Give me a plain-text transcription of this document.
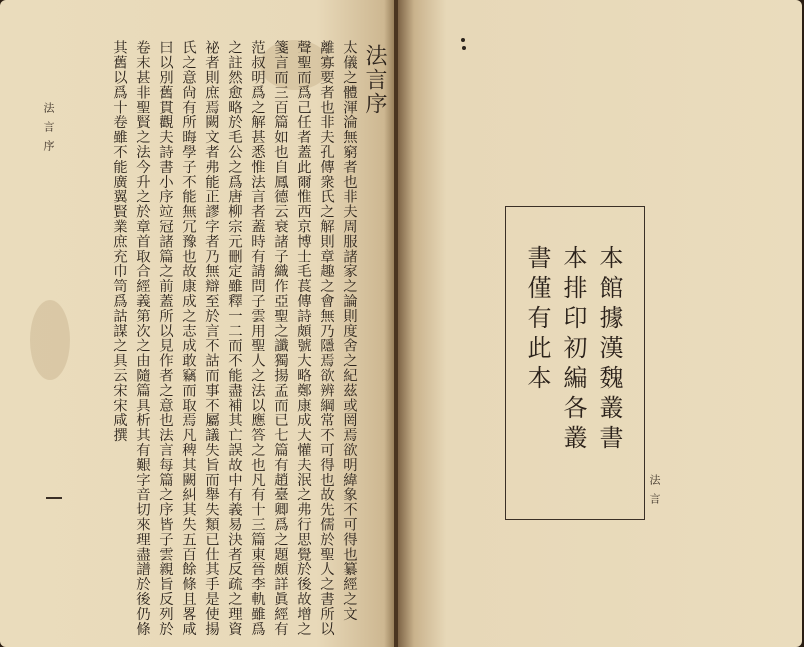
法言序
法言序
太儀之體渾淪無窮者也非夫周服諸家之論則度舍之紀茲或罔焉欲明緯象不可得也纂經之文
離寡要者也非夫孔傳衆氏之解則章趣之會無乃隱焉欲辨綱常不可得也故先儒於聖人之書所以
聲聖而爲己任者蓋此爾惟西京博士毛萇傳詩頗號大略鄭康成大懽夫泯之弗行思覺於後故增之
箋言而三百篇如也自鳳德云衰諸子織作亞聖之讖獨揚孟而已七篇有趙臺卿爲之題頗詳眞經有
范叔明爲之解甚悉惟法言者蓋時有請問子雲用聖人之法以應答之也凡有十三篇東晉李軌雖爲
之註然愈略於毛公之爲唐柳宗元刪定雖釋一二而不能盡補其亡誤故中有義易決者反疏之理資
祕者則庶焉闕文者弗能正謬字者乃無辯至於言不詁而事不屬議失旨而舉失類已仕其手是使揚
氏之意尙有所晦學子不能無冗豫也故康成之志成敢竊而取焉凡稗其闕糾其失五百餘條且畧咸
曰以別舊貫觀夫詩書小序竝冠諸篇之前蓋所以見作者之意也法言每篇之序皆子雲親旨反列於
卷末甚非聖賢之法今升之於章首取合經義第次之由隨篇具析其有艱字音切來理盡譜於後仍條
其舊以爲十卷雖不能廣翼賢業庶充巾笥爲詁謀之具云宋宋咸撰
法言
本館據漢魏叢書
本排印初編各叢
書僅有此本
